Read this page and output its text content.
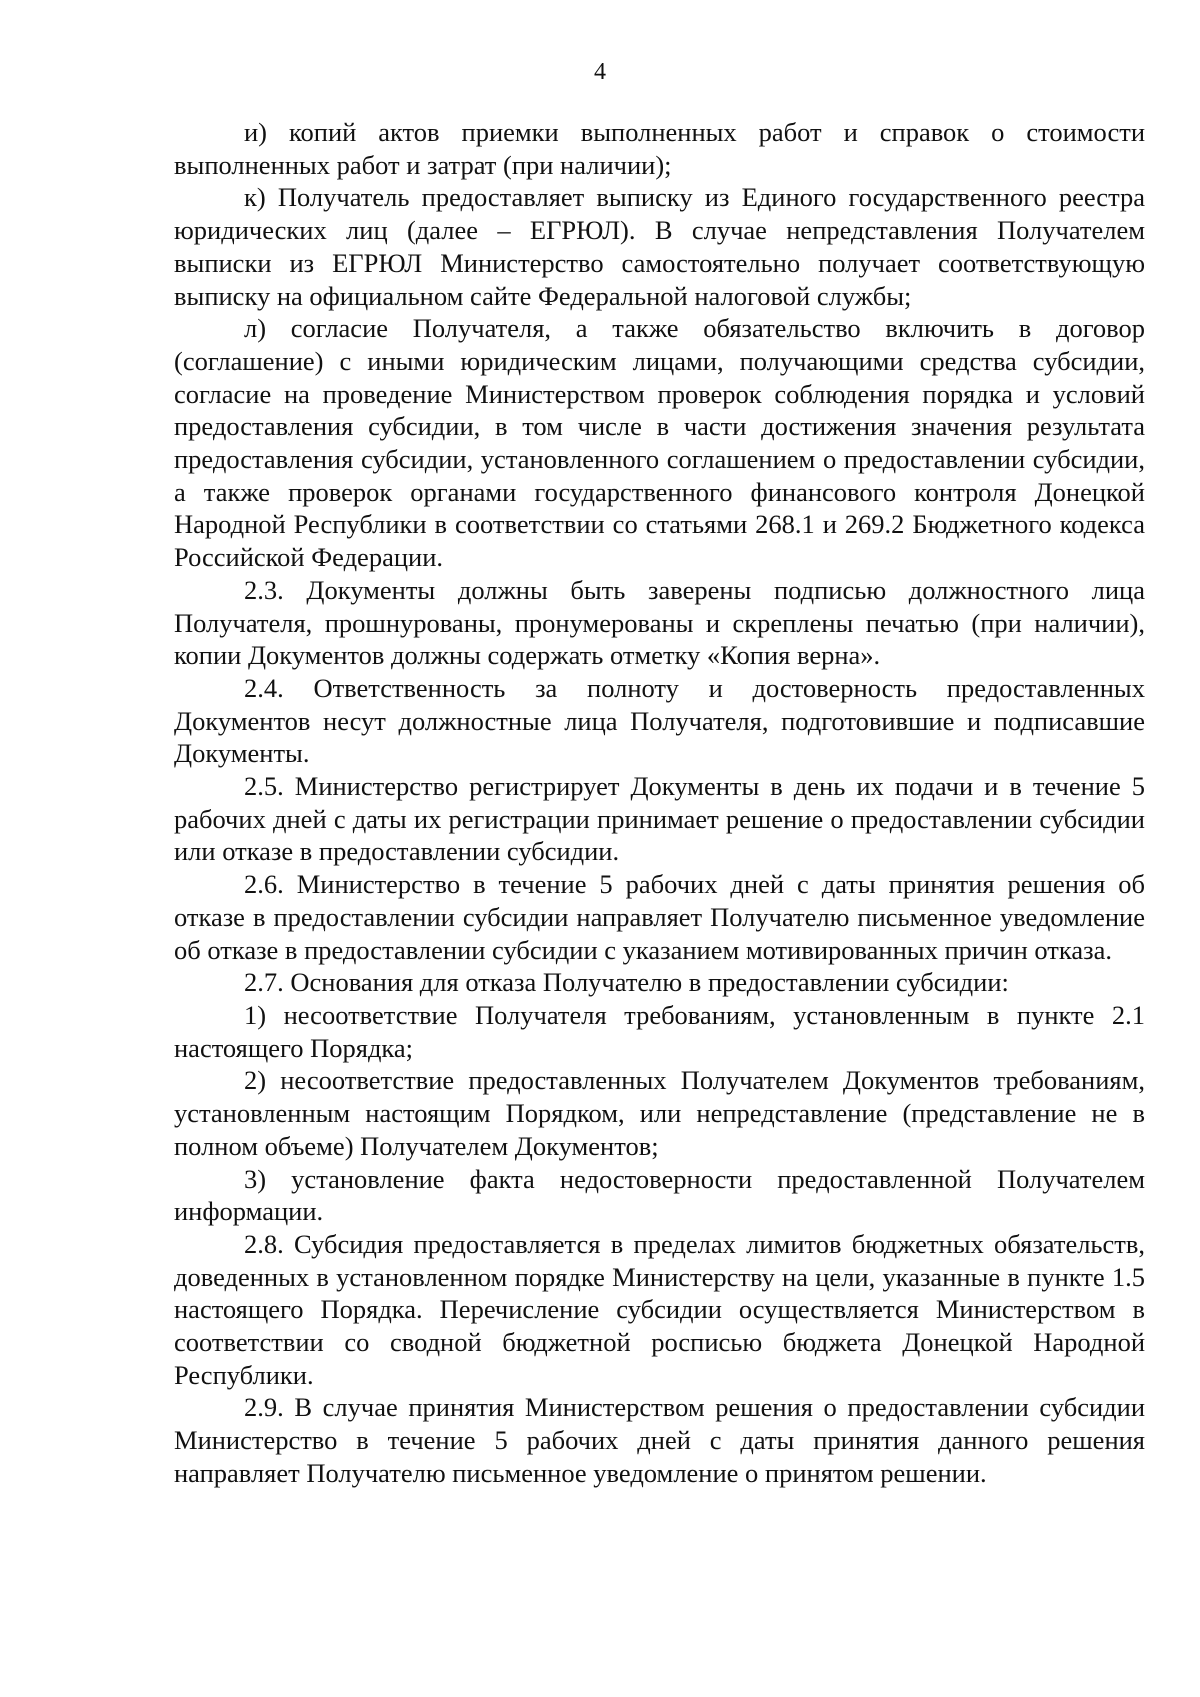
4

и) копий актов приемки выполненных работ и справок о стоимости выполненных работ и затрат (при наличии);

к) Получатель предоставляет выписку из Единого государственного реестра юридических лиц (далее – ЕГРЮЛ). В случае непредставления Получателем выписки из ЕГРЮЛ Министерство самостоятельно получает соответствующую выписку на официальном сайте Федеральной налоговой службы;

л) согласие Получателя, а также обязательство включить в договор (соглашение) с иными юридическим лицами, получающими средства субсидии, согласие на проведение Министерством проверок соблюдения порядка и условий предоставления субсидии, в том числе в части достижения значения результата предоставления субсидии, установленного соглашением о предоставлении субсидии, а также проверок органами государственного финансового контроля Донецкой Народной Республики в соответствии со статьями 268.1 и 269.2 Бюджетного кодекса Российской Федерации.

2.3. Документы должны быть заверены подписью должностного лица Получателя, прошнурованы, пронумерованы и скреплены печатью (при наличии), копии Документов должны содержать отметку «Копия верна».

2.4. Ответственность за полноту и достоверность предоставленных Документов несут должностные лица Получателя, подготовившие и подписавшие Документы.

2.5. Министерство регистрирует Документы в день их подачи и в течение 5 рабочих дней с даты их регистрации принимает решение о предоставлении субсидии или отказе в предоставлении субсидии.

2.6. Министерство в течение 5 рабочих дней с даты принятия решения об отказе в предоставлении субсидии направляет Получателю письменное уведомление об отказе в предоставлении субсидии с указанием мотивированных причин отказа.

2.7. Основания для отказа Получателю в предоставлении субсидии:

1) несоответствие Получателя требованиям, установленным в пункте 2.1 настоящего Порядка;

2) несоответствие предоставленных Получателем Документов требованиям, установленным настоящим Порядком, или непредставление (представление не в полном объеме) Получателем Документов;

3) установление факта недостоверности предоставленной Получателем информации.

2.8. Субсидия предоставляется в пределах лимитов бюджетных обязательств, доведенных в установленном порядке Министерству на цели, указанные в пункте 1.5 настоящего Порядка. Перечисление субсидии осуществляется Министерством в соответствии со сводной бюджетной росписью бюджета Донецкой Народной Республики.

2.9. В случае принятия Министерством решения о предоставлении субсидии Министерство в течение 5 рабочих дней с даты принятия данного решения направляет Получателю письменное уведомление о принятом решении.
